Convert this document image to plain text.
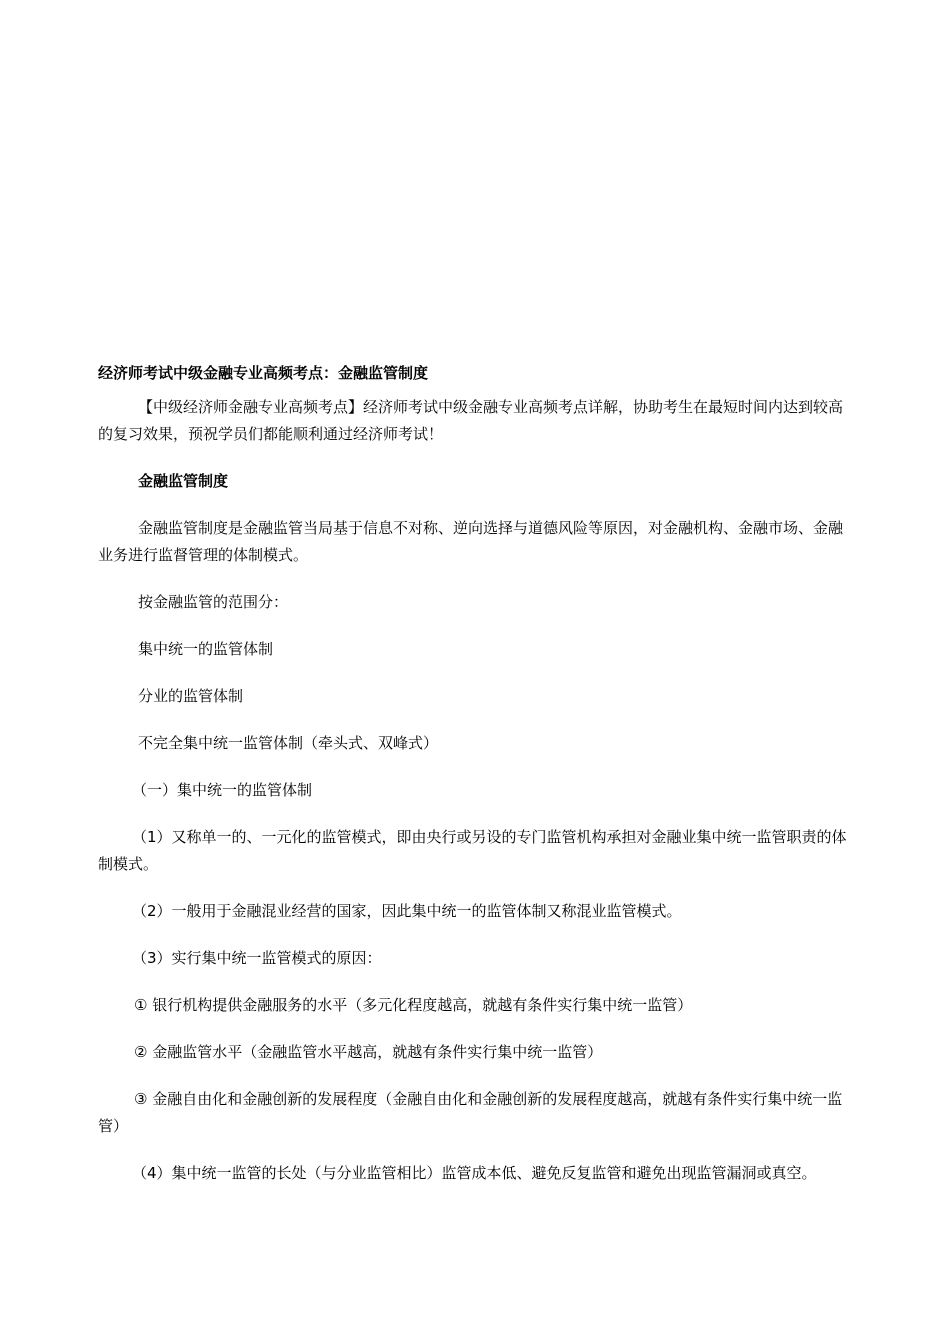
经济师考试中级金融专业高频考点：金融监管制度
【中级经济师金融专业高频考点】经济师考试中级金融专业高频考点详解，协助考生在最短时间内达到较高的复习效果，预祝学员们都能顺利通过经济师考试！
金融监管制度
金融监管制度是金融监管当局基于信息不对称、逆向选择与道德风险等原因，对金融机构、金融市场、金融业务进行监督管理的体制模式。
按金融监管的范围分：
集中统一的监管体制
分业的监管体制
不完全集中统一监管体制（牵头式、双峰式）
（一）集中统一的监管体制
（1）又称单一的、一元化的监管模式，即由央行或另设的专门监管机构承担对金融业集中统一监管职责的体制模式。
（2）一般用于金融混业经营的国家，因此集中统一的监管体制又称混业监管模式。
（3）实行集中统一监管模式的原因：
① 银行机构提供金融服务的水平（多元化程度越高，就越有条件实行集中统一监管）
② 金融监管水平（金融监管水平越高，就越有条件实行集中统一监管）
③ 金融自由化和金融创新的发展程度（金融自由化和金融创新的发展程度越高，就越有条件实行集中统一监管）
（4）集中统一监管的长处（与分业监管相比）监管成本低、避免反复监管和避免出现监管漏洞或真空。
